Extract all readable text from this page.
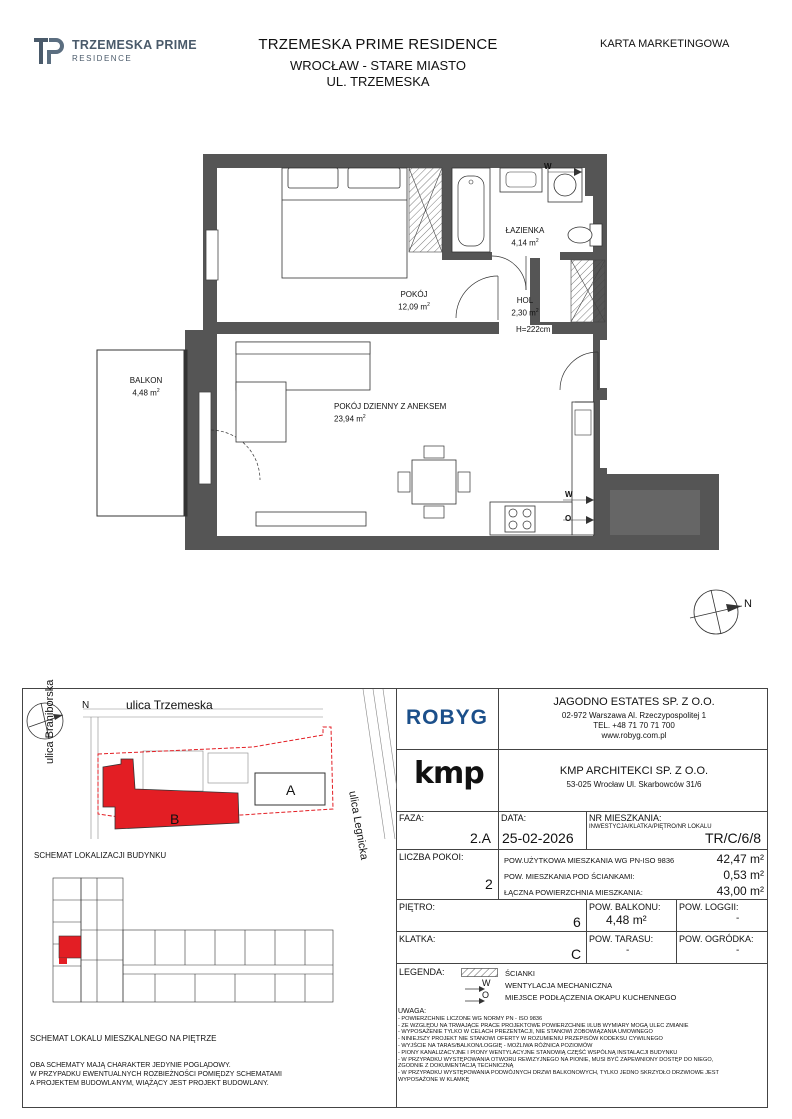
TRZEMESKA PRIME
RESIDENCE
TRZEMESKA PRIME RESIDENCE
WROCŁAW - STARE MIASTO
UL. TRZEMESKA
KARTA MARKETINGOWA
ŁAZIENKA
4,14 $m^2$
POKÓJ
12,09 $m^2$	HOL
2,30 $m^2$
H=222cm
BALKON
4,48 $m^2$
POKÓJ DZIENNY Z ANEKSEM
23,94 $m^2$
W
W
O
N
ulica Trzemeska
ulica Braniborska
ulica Legnicka
A
B
N
SCHEMAT LOKALIZACJI BUDYNKU
SCHEMAT LOKALU MIESZKALNEGO NA PIĘTRZE
OBA SCHEMATY MAJĄ CHARAKTER JEDYNIE POGLĄDOWY.
W PRZYPADKU EWENTUALNYCH ROZBIEŻNOŚCI POMIĘDZY SCHEMATAMI
A PROJEKTEM BUDOWLANYM, WIĄŻĄCY JEST PROJEKT BUDOWLANY.
ROBYG
JAGODNO ESTATES SP. Z O.O.
02-972 Warszawa Al. Rzeczypospolitej 1
TEL. +48 71 70 71 700
www.robyg.com.pl
kmp	KMP ARCHITEKCI SP. Z O.O.
53-025 Wrocław Ul. Skarbowców 31/6
FAZA:
2.A
DATA:
25-02-2026
NR MIESZKANIA:
INWESTYCJA/KLATKA/PIĘTRO/NR LOKALU
TR/C/6/8
LICZBA POKOI:
2
POW.UŻYTKOWA MIESZKANIA WG PN-ISO 9836	42,47 m²
POW. MIESZKANIA POD ŚCIANKAMI:	0,53 m²
ŁĄCZNA POWIERZCHNIA MIESZKANIA:	43,00 m²
PIĘTRO:
6
POW. BALKONU:
4,48 m²
POW. LOGGII:
-
KLATKA:
C
POW. TARASU:
-
POW. OGRÓDKA:
-
LEGENDA:	ŚCIANKI
W WENTYLACJA MECHANICZNA
O MIEJSCE PODŁĄCZENIA OKAPU KUCHENNEGO
UWAGA:
- POWIERZCHNIE LICZONE WG NORMY PN - ISO 9836
- ZE WZGLĘDU NA TRWAJĄCE PRACE PROJEKTOWE POWIERZCHNIE I/LUB WYMIARY MOGĄ ULEC ZMIANIE
- WYPOSAŻENIE TYLKO W CELACH PREZENTACJI, NIE STANOWI ZOBOWIĄZANIA UMOWNEGO
- NINIEJSZY PROJEKT NIE STANOWI OFERTY W ROZUMIENIU PRZEPISÓW KODEKSU CYWILNEGO
- WYJŚCIE NA TARAS/BALKON/LOGGIĘ - MOŻLIWA RÓŻNICA POZIOMÓW
- PIONY KANALIZACYJNE I PIONY WENTYLACYJNE STANOWIĄ CZĘŚĆ WSPÓLNĄ INSTALACJI BUDYNKU
- W PRZYPADKU WYSTĘPOWANIA OTWORU REWIZYJNEGO NA PIONIE, MUSI BYĆ ZAPEWNIONY DOSTĘP DO NIEGO,
ZGODNIE Z DOKUMENTACJĄ TECHNICZNĄ
- W PRZYPADKU WYSTĘPOWANIA PODWÓJNYCH DRZWI BALKONOWYCH, TYLKO JEDNO SKRZYDŁO DRZWIOWE JEST
WYPOSAŻONE W KLAMKĘ
